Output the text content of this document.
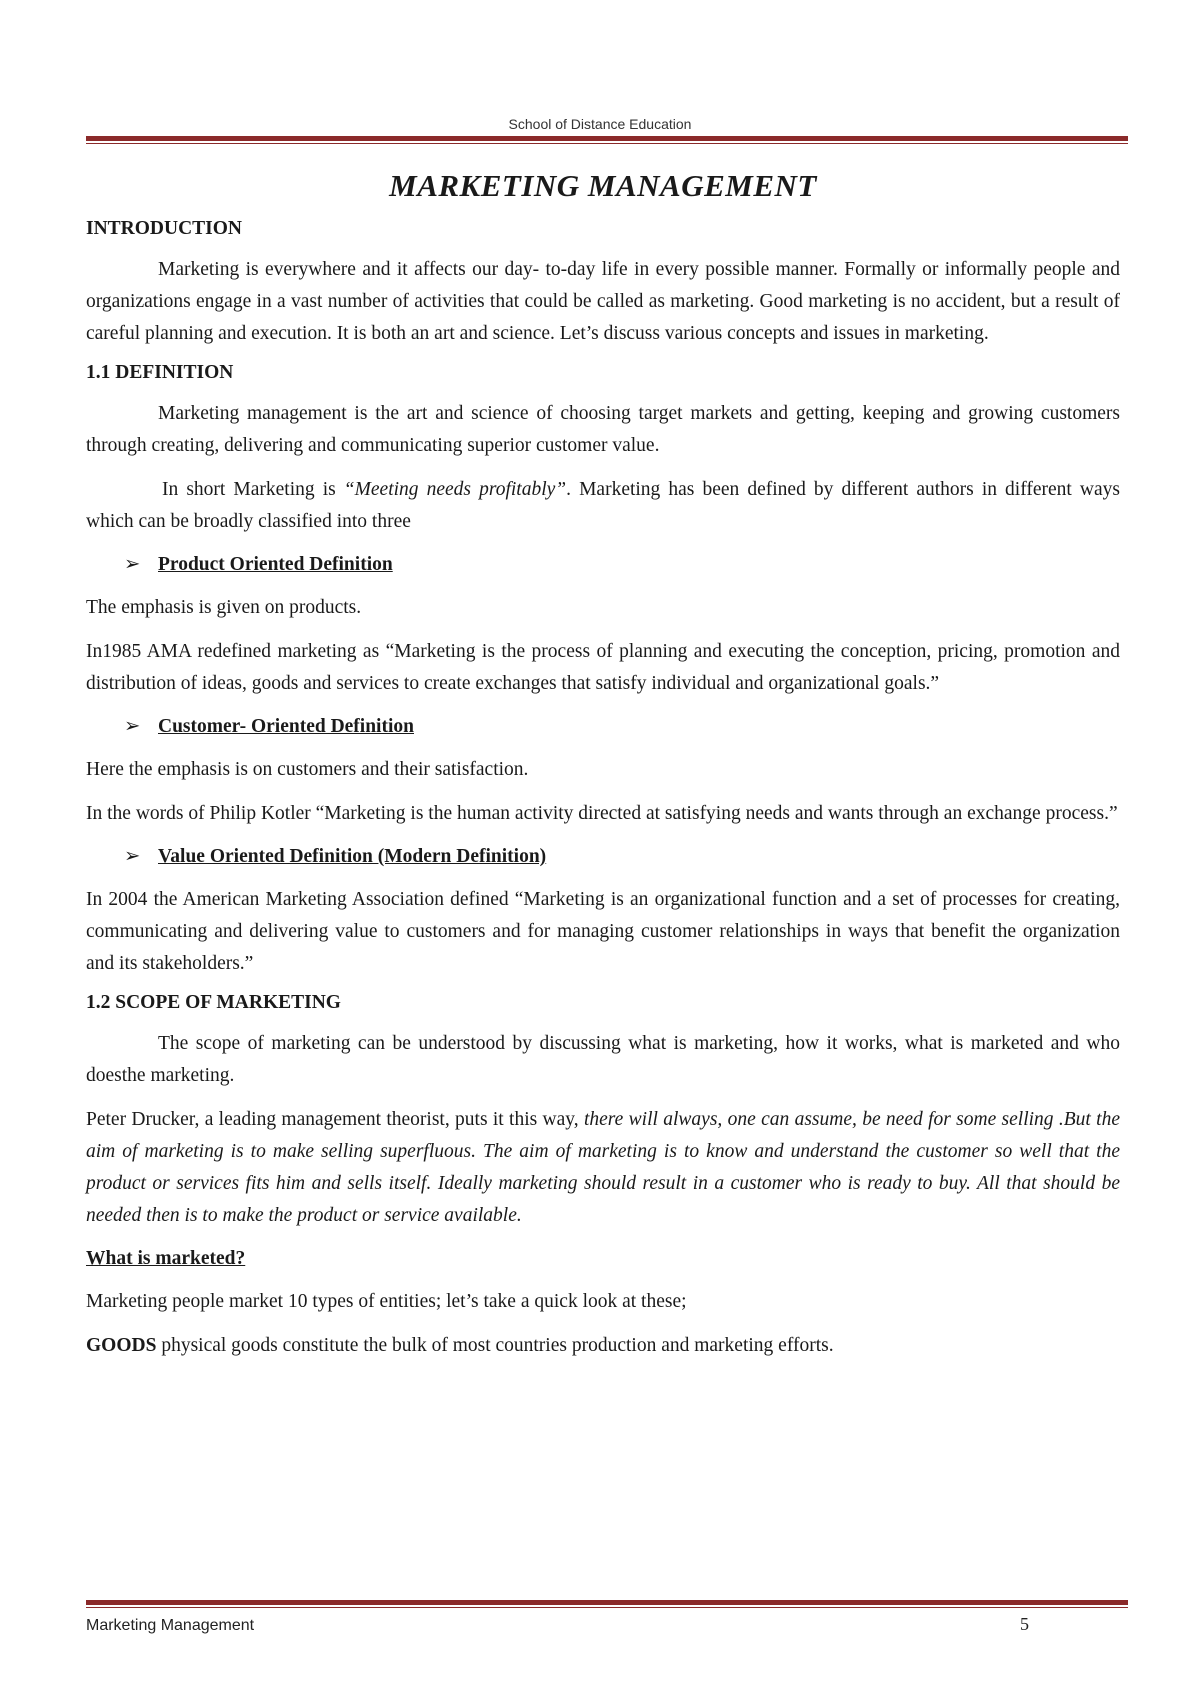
School of Distance Education
MARKETING MANAGEMENT
INTRODUCTION

Marketing is everywhere and it affects our day- to-day life in every possible manner. Formally or informally people and organizations engage in a vast number of activities that could be called as marketing. Good marketing is no accident, but a result of careful planning and execution. It is both an art and science. Let’s discuss various concepts and issues in marketing.

1.1 DEFINITION

Marketing management is the art and science of choosing target markets and getting, keeping and growing customers through creating, delivering and communicating superior customer value.

In short Marketing is “Meeting needs profitably”. Marketing has been defined by different authors in different ways which can be broadly classified into three

➢ Product Oriented Definition

The emphasis is given on products.

In1985 AMA redefined marketing as “Marketing is the process of planning and executing the conception, pricing, promotion and distribution of ideas, goods and services to create exchanges that satisfy individual and organizational goals.”

➢ Customer- Oriented Definition

Here the emphasis is on customers and their satisfaction.

In the words of Philip Kotler “Marketing is the human activity directed at satisfying needs and wants through an exchange process.”

➢ Value Oriented Definition (Modern Definition)

In 2004 the American Marketing Association defined “Marketing is an organizational function and a set of processes for creating, communicating and delivering value to customers and for managing customer relationships in ways that benefit the organization and its stakeholders.”

1.2 SCOPE OF MARKETING

The scope of marketing can be understood by discussing what is marketing, how it works, what is marketed and who doesthe marketing.

Peter Drucker, a leading management theorist, puts it this way, there will always, one can assume, be need for some selling .But the aim of marketing is to make selling superfluous. The aim of marketing is to know and understand the customer so well that the product or services fits him and sells itself. Ideally marketing should result in a customer who is ready to buy. All that should be needed then is to make the product or service available.

What is marketed?

Marketing people market 10 types of entities; let’s take a quick look at these;

GOODS physical goods constitute the bulk of most countries production and marketing efforts.

Marketing Management	5
